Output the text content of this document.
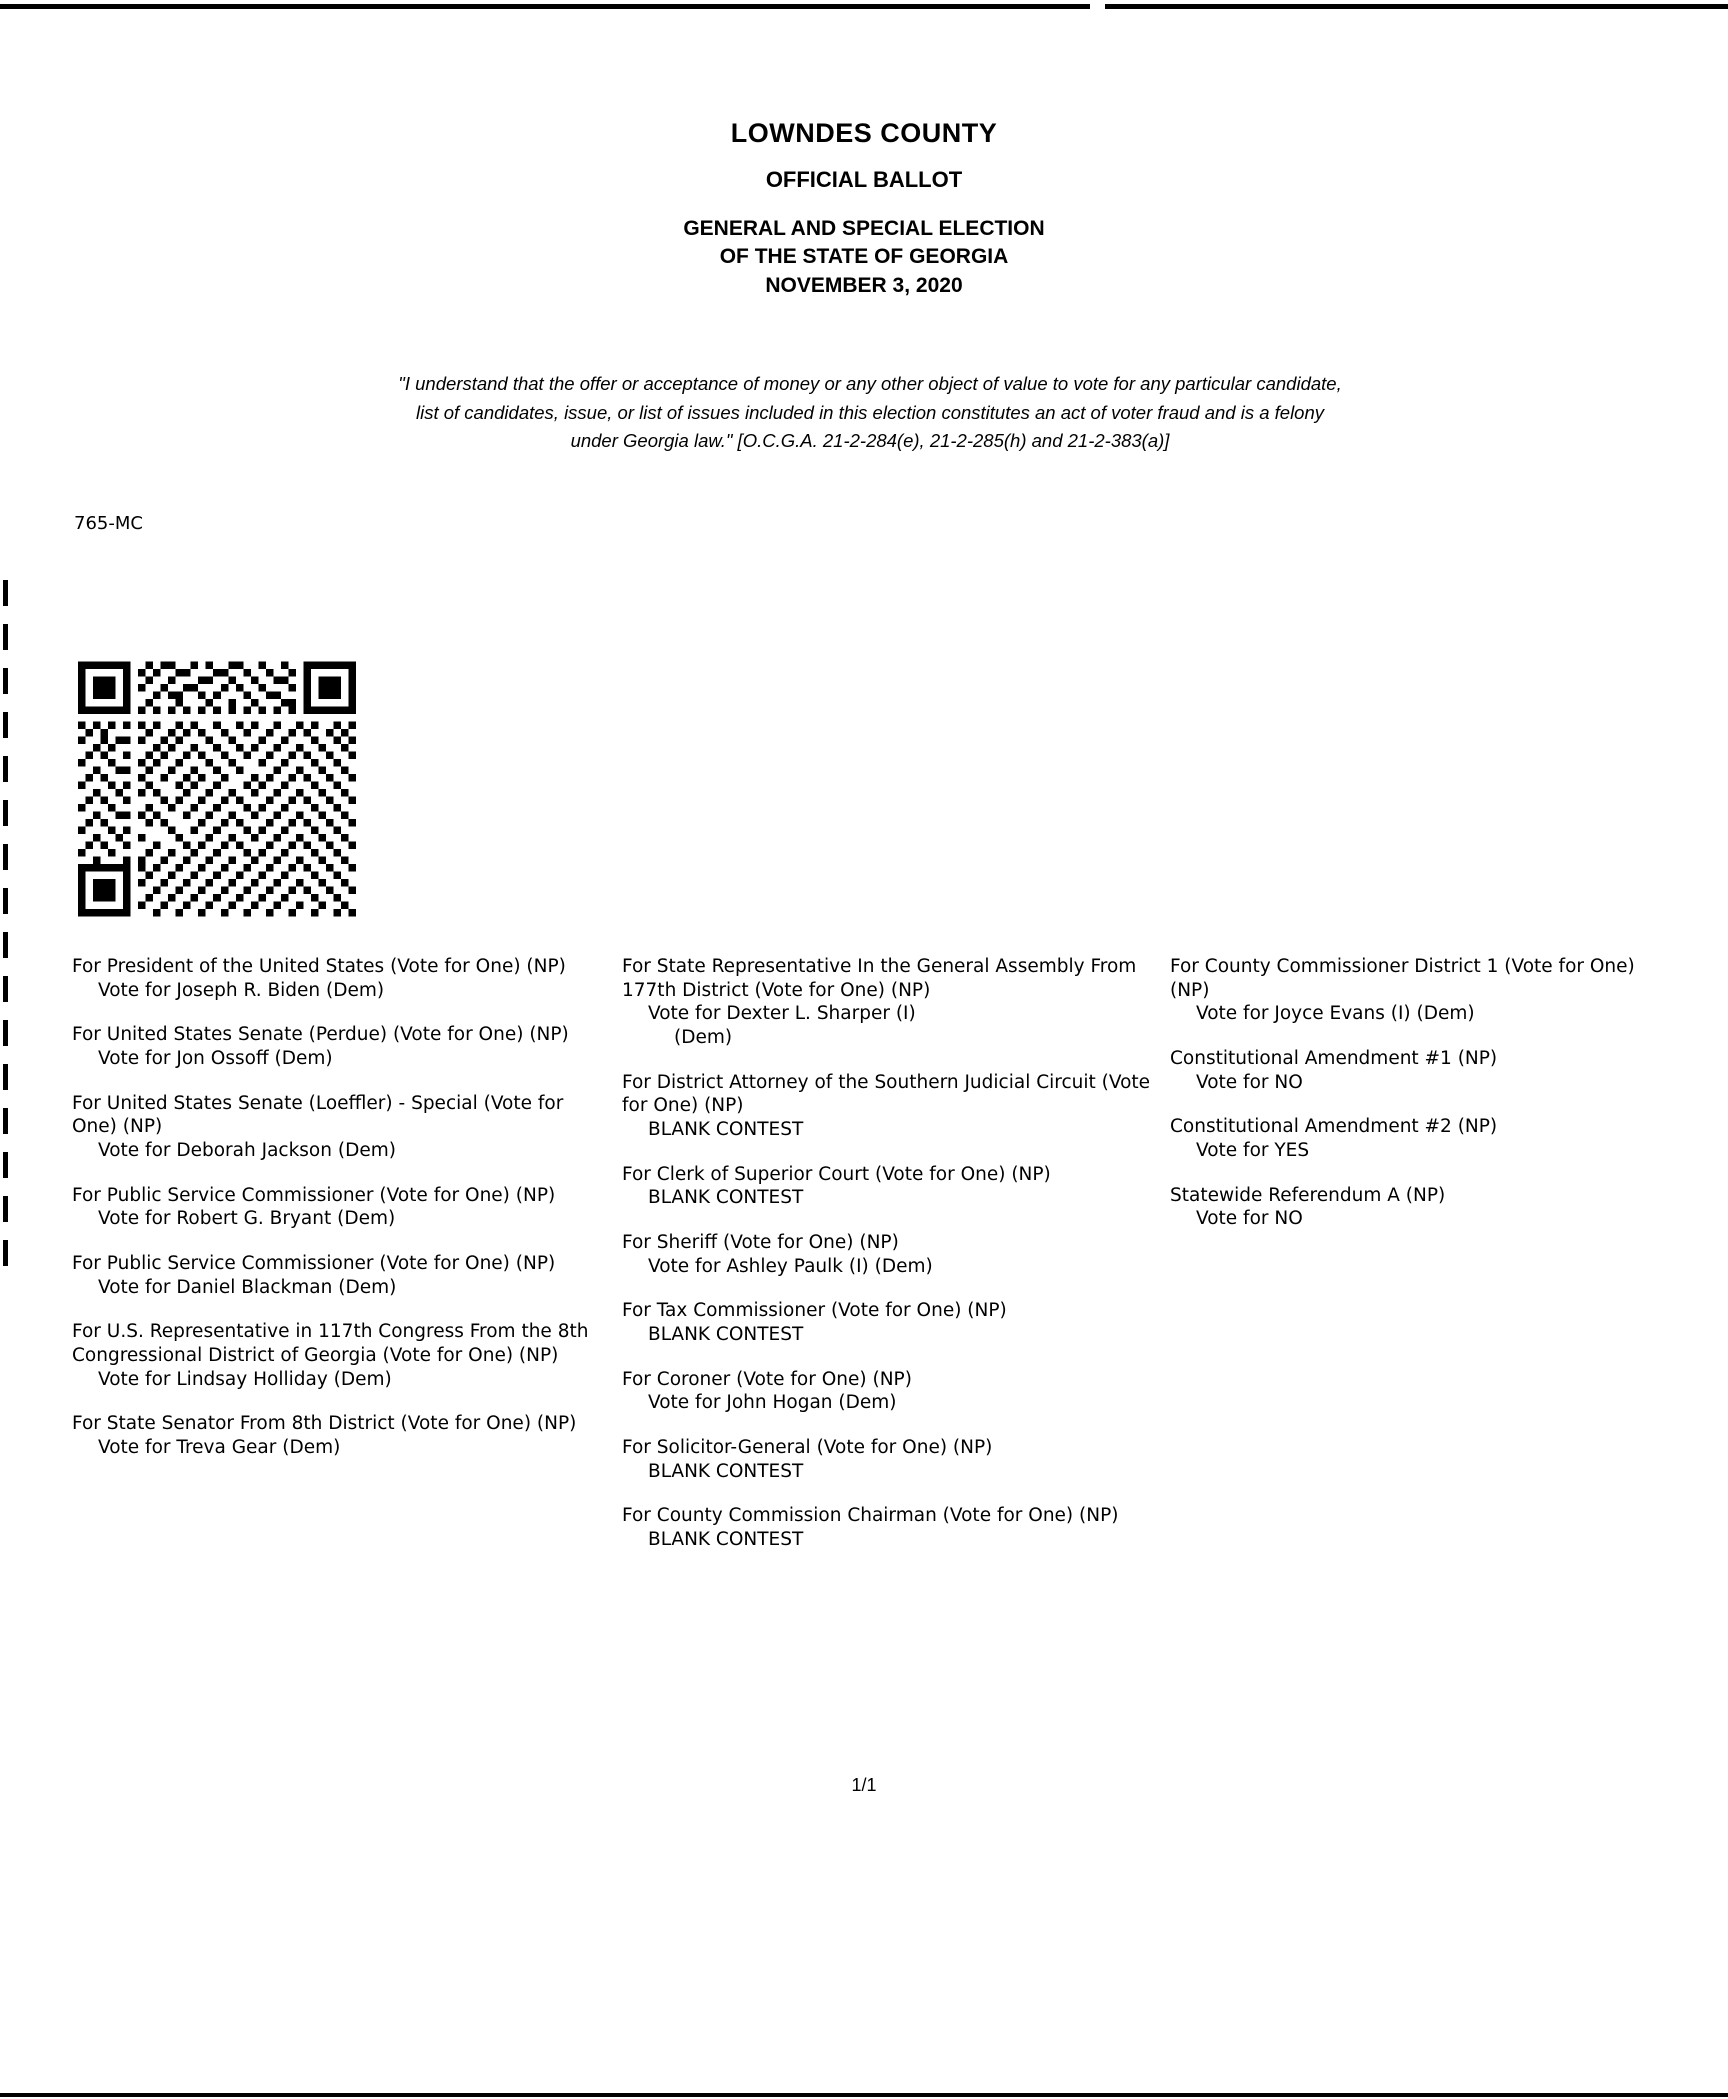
LOWNDES COUNTY
OFFICIAL BALLOT
GENERAL AND SPECIAL ELECTION
OF THE STATE OF GEORGIA
NOVEMBER 3, 2020
"I understand that the offer or acceptance of money or any other object of value to vote for any particular candidate,
list of candidates, issue, or list of issues included in this election constitutes an act of voter fraud and is a felony
under Georgia law." [O.C.G.A. 21-2-284(e), 21-2-285(h) and 21-2-383(a)]
765-MC
For President of the United States (Vote for One) (NP)
Vote for Joseph R. Biden (Dem)
For United States Senate (Perdue) (Vote for One) (NP)
Vote for Jon Ossoff (Dem)
For United States Senate (Loeffler) - Special (Vote for One) (NP)
Vote for Deborah Jackson (Dem)
For Public Service Commissioner (Vote for One) (NP)
Vote for Robert G. Bryant (Dem)
For Public Service Commissioner (Vote for One) (NP)
Vote for Daniel Blackman (Dem)
For U.S. Representative in 117th Congress From the 8th Congressional District of Georgia (Vote for One) (NP)
Vote for Lindsay Holliday (Dem)
For State Senator From 8th District (Vote for One) (NP)
Vote for Treva Gear (Dem)
For State Representative In the General Assembly From 177th District (Vote for One) (NP)
Vote for Dexter L. Sharper (I)
(Dem)
For District Attorney of the Southern Judicial Circuit (Vote for One) (NP)
BLANK CONTEST
For Clerk of Superior Court (Vote for One) (NP)
BLANK CONTEST
For Sheriff (Vote for One) (NP)
Vote for Ashley Paulk (I) (Dem)
For Tax Commissioner (Vote for One) (NP)
BLANK CONTEST
For Coroner (Vote for One) (NP)
Vote for John Hogan (Dem)
For Solicitor-General (Vote for One) (NP)
BLANK CONTEST
For County Commission Chairman (Vote for One) (NP)
BLANK CONTEST
For County Commissioner District 1 (Vote for One) (NP)
Vote for Joyce Evans (I) (Dem)
Constitutional Amendment #1 (NP)
Vote for NO
Constitutional Amendment #2 (NP)
Vote for YES
Statewide Referendum A (NP)
Vote for NO
1/1
